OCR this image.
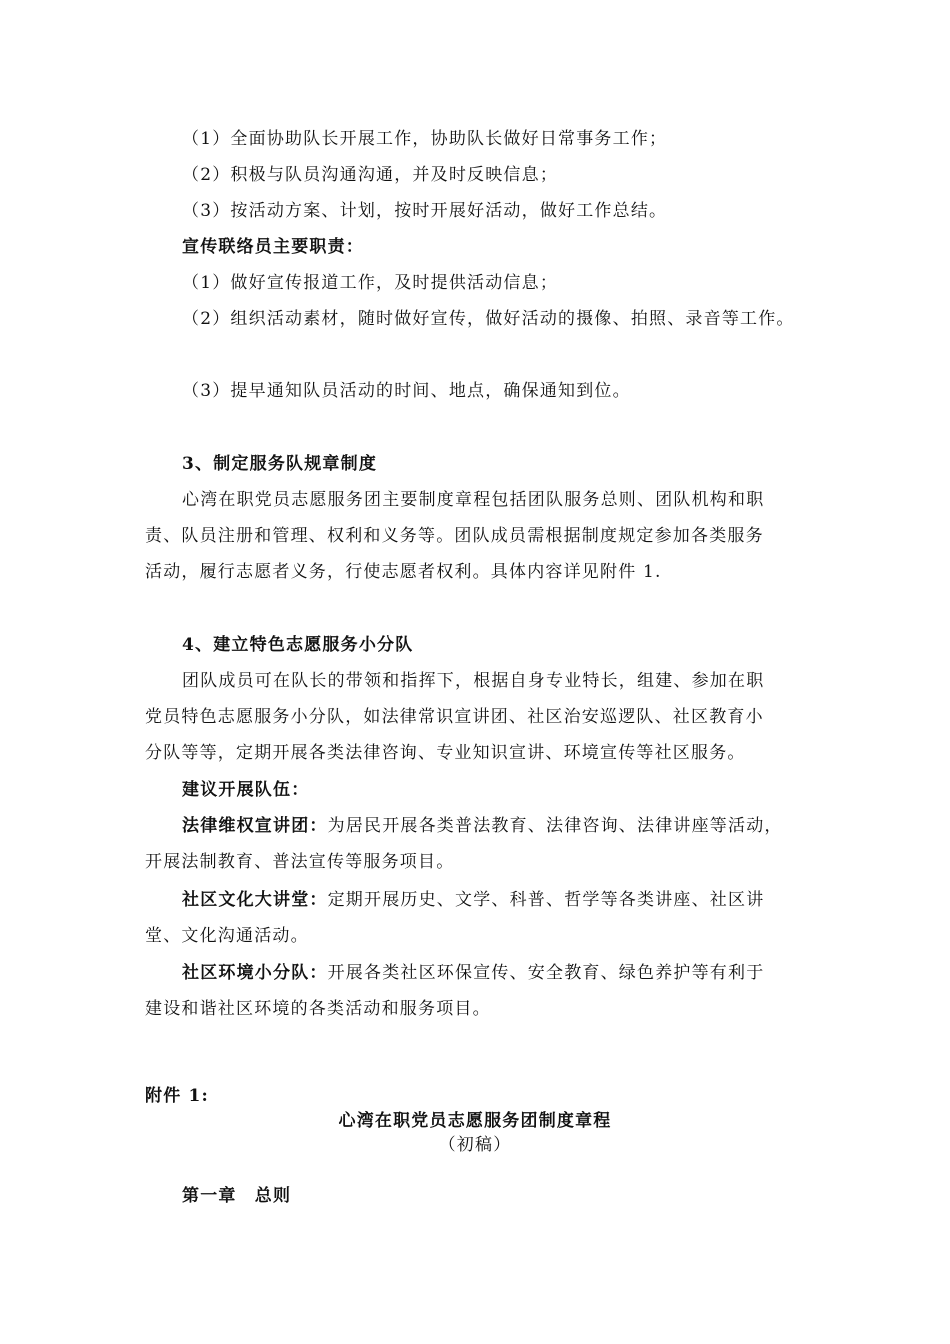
（1）全面协助队长开展工作，协助队长做好日常事务工作；
（2）积极与队员沟通沟通，并及时反映信息；
（3）按活动方案、计划，按时开展好活动，做好工作总结。
宣传联络员主要职责：
（1）做好宣传报道工作，及时提供活动信息；
（2）组织活动素材，随时做好宣传，做好活动的摄像、拍照、录音等工作。
（3）提早通知队员活动的时间、地点，确保通知到位。
3、制定服务队规章制度
心湾在职党员志愿服务团主要制度章程包括团队服务总则、团队机构和职
责、队员注册和管理、权利和义务等。团队成员需根据制度规定参加各类服务
活动，履行志愿者义务，行使志愿者权利。具体内容详见附件 1.
4、建立特色志愿服务小分队
团队成员可在队长的带领和指挥下，根据自身专业特长，组建、参加在职
党员特色志愿服务小分队，如法律常识宣讲团、社区治安巡逻队、社区教育小
分队等等，定期开展各类法律咨询、专业知识宣讲、环境宣传等社区服务。
建议开展队伍：
法律维权宣讲团：为居民开展各类普法教育、法律咨询、法律讲座等活动，
开展法制教育、普法宣传等服务项目。
社区文化大讲堂：定期开展历史、文学、科普、哲学等各类讲座、社区讲
堂、文化沟通活动。
社区环境小分队：开展各类社区环保宣传、安全教育、绿色养护等有利于
建设和谐社区环境的各类活动和服务项目。
附件 1:
心湾在职党员志愿服务团制度章程
（初稿）
第一章　总则
